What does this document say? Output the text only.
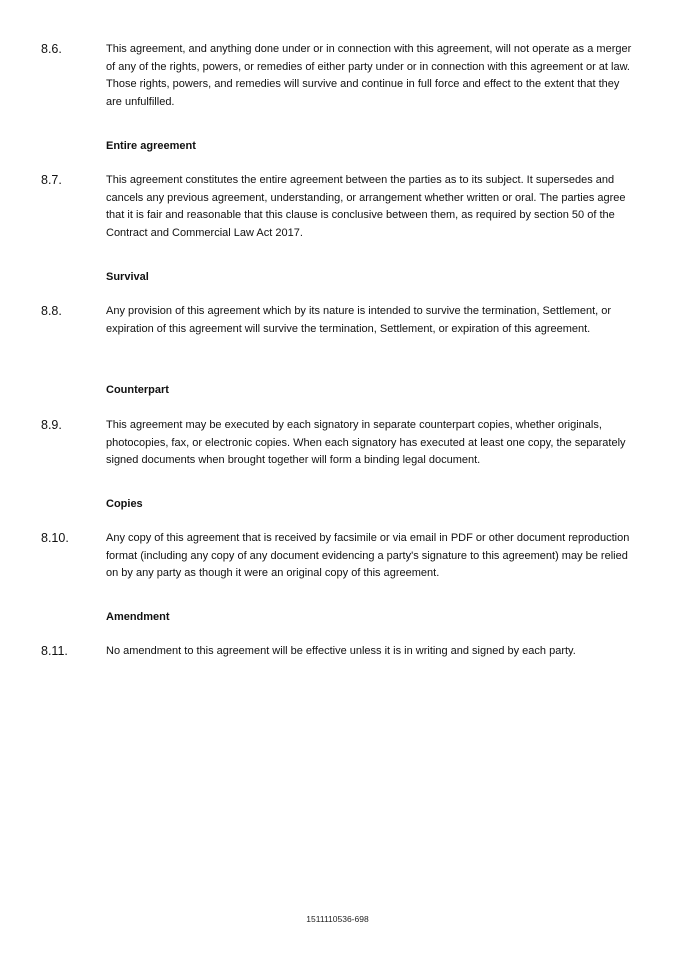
8.6.	This agreement, and anything done under or in connection with this agreement, will not operate as a merger of any of the rights, powers, or remedies of either party under or in connection with this agreement or at law. Those rights, powers, and remedies will survive and continue in full force and effect to the extent that they are unfulfilled.
Entire agreement
8.7.	This agreement constitutes the entire agreement between the parties as to its subject. It supersedes and cancels any previous agreement, understanding, or arrangement whether written or oral. The parties agree that it is fair and reasonable that this clause is conclusive between them, as required by section 50 of the Contract and Commercial Law Act 2017.
Survival
8.8.	Any provision of this agreement which by its nature is intended to survive the termination, Settlement, or expiration of this agreement will survive the termination, Settlement, or expiration of this agreement.
Counterpart
8.9.	This agreement may be executed by each signatory in separate counterpart copies, whether originals, photocopies, fax, or electronic copies. When each signatory has executed at least one copy, the separately signed documents when brought together will form a binding legal document.
Copies
8.10.	Any copy of this agreement that is received by facsimile or via email in PDF or other document reproduction format (including any copy of any document evidencing a party's signature to this agreement) may be relied on by any party as though it were an original copy of this agreement.
Amendment
8.11.	No amendment to this agreement will be effective unless it is in writing and signed by each party.
1511110536-698
